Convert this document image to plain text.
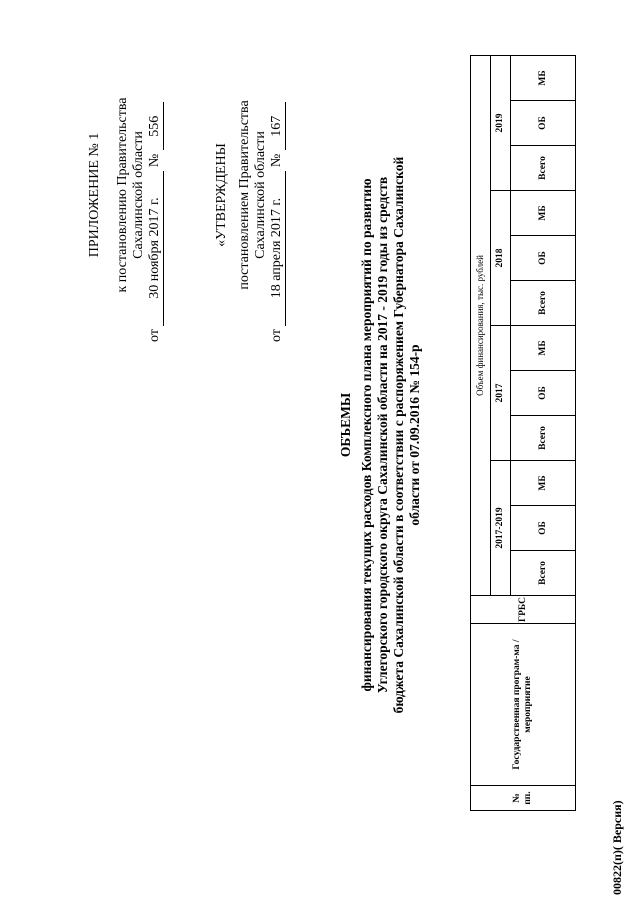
ПРИЛОЖЕНИЕ № 1 к постановлению Правительства Сахалинской области
от 30 ноября 2017 г. № 556
«УТВЕРЖДЕНЫ постановлением Правительства Сахалинской области
от 18 апреля 2017 г. № 167
ОБЪЕМЫ финансирования текущих расходов Комплексного плана мероприятий по развитию Углегорского городского округа Сахалинской области на 2017 - 2019 годы из средств бюджета Сахалинской области в соответствии с распоряжением Губернатора Сахалинской области от 07.09.2016 № 154-р
№ пп.	Государственная програм-ма / мероприятие	ГРБС	Объем финансирования, тыс. рублей											
			2017-2019			2017			2018			2019		
			Всего	ОБ	МБ	Всего	ОБ	МБ	Всего	ОБ	МБ	Всего	ОБ	МБ
00822(п)( Версия)
